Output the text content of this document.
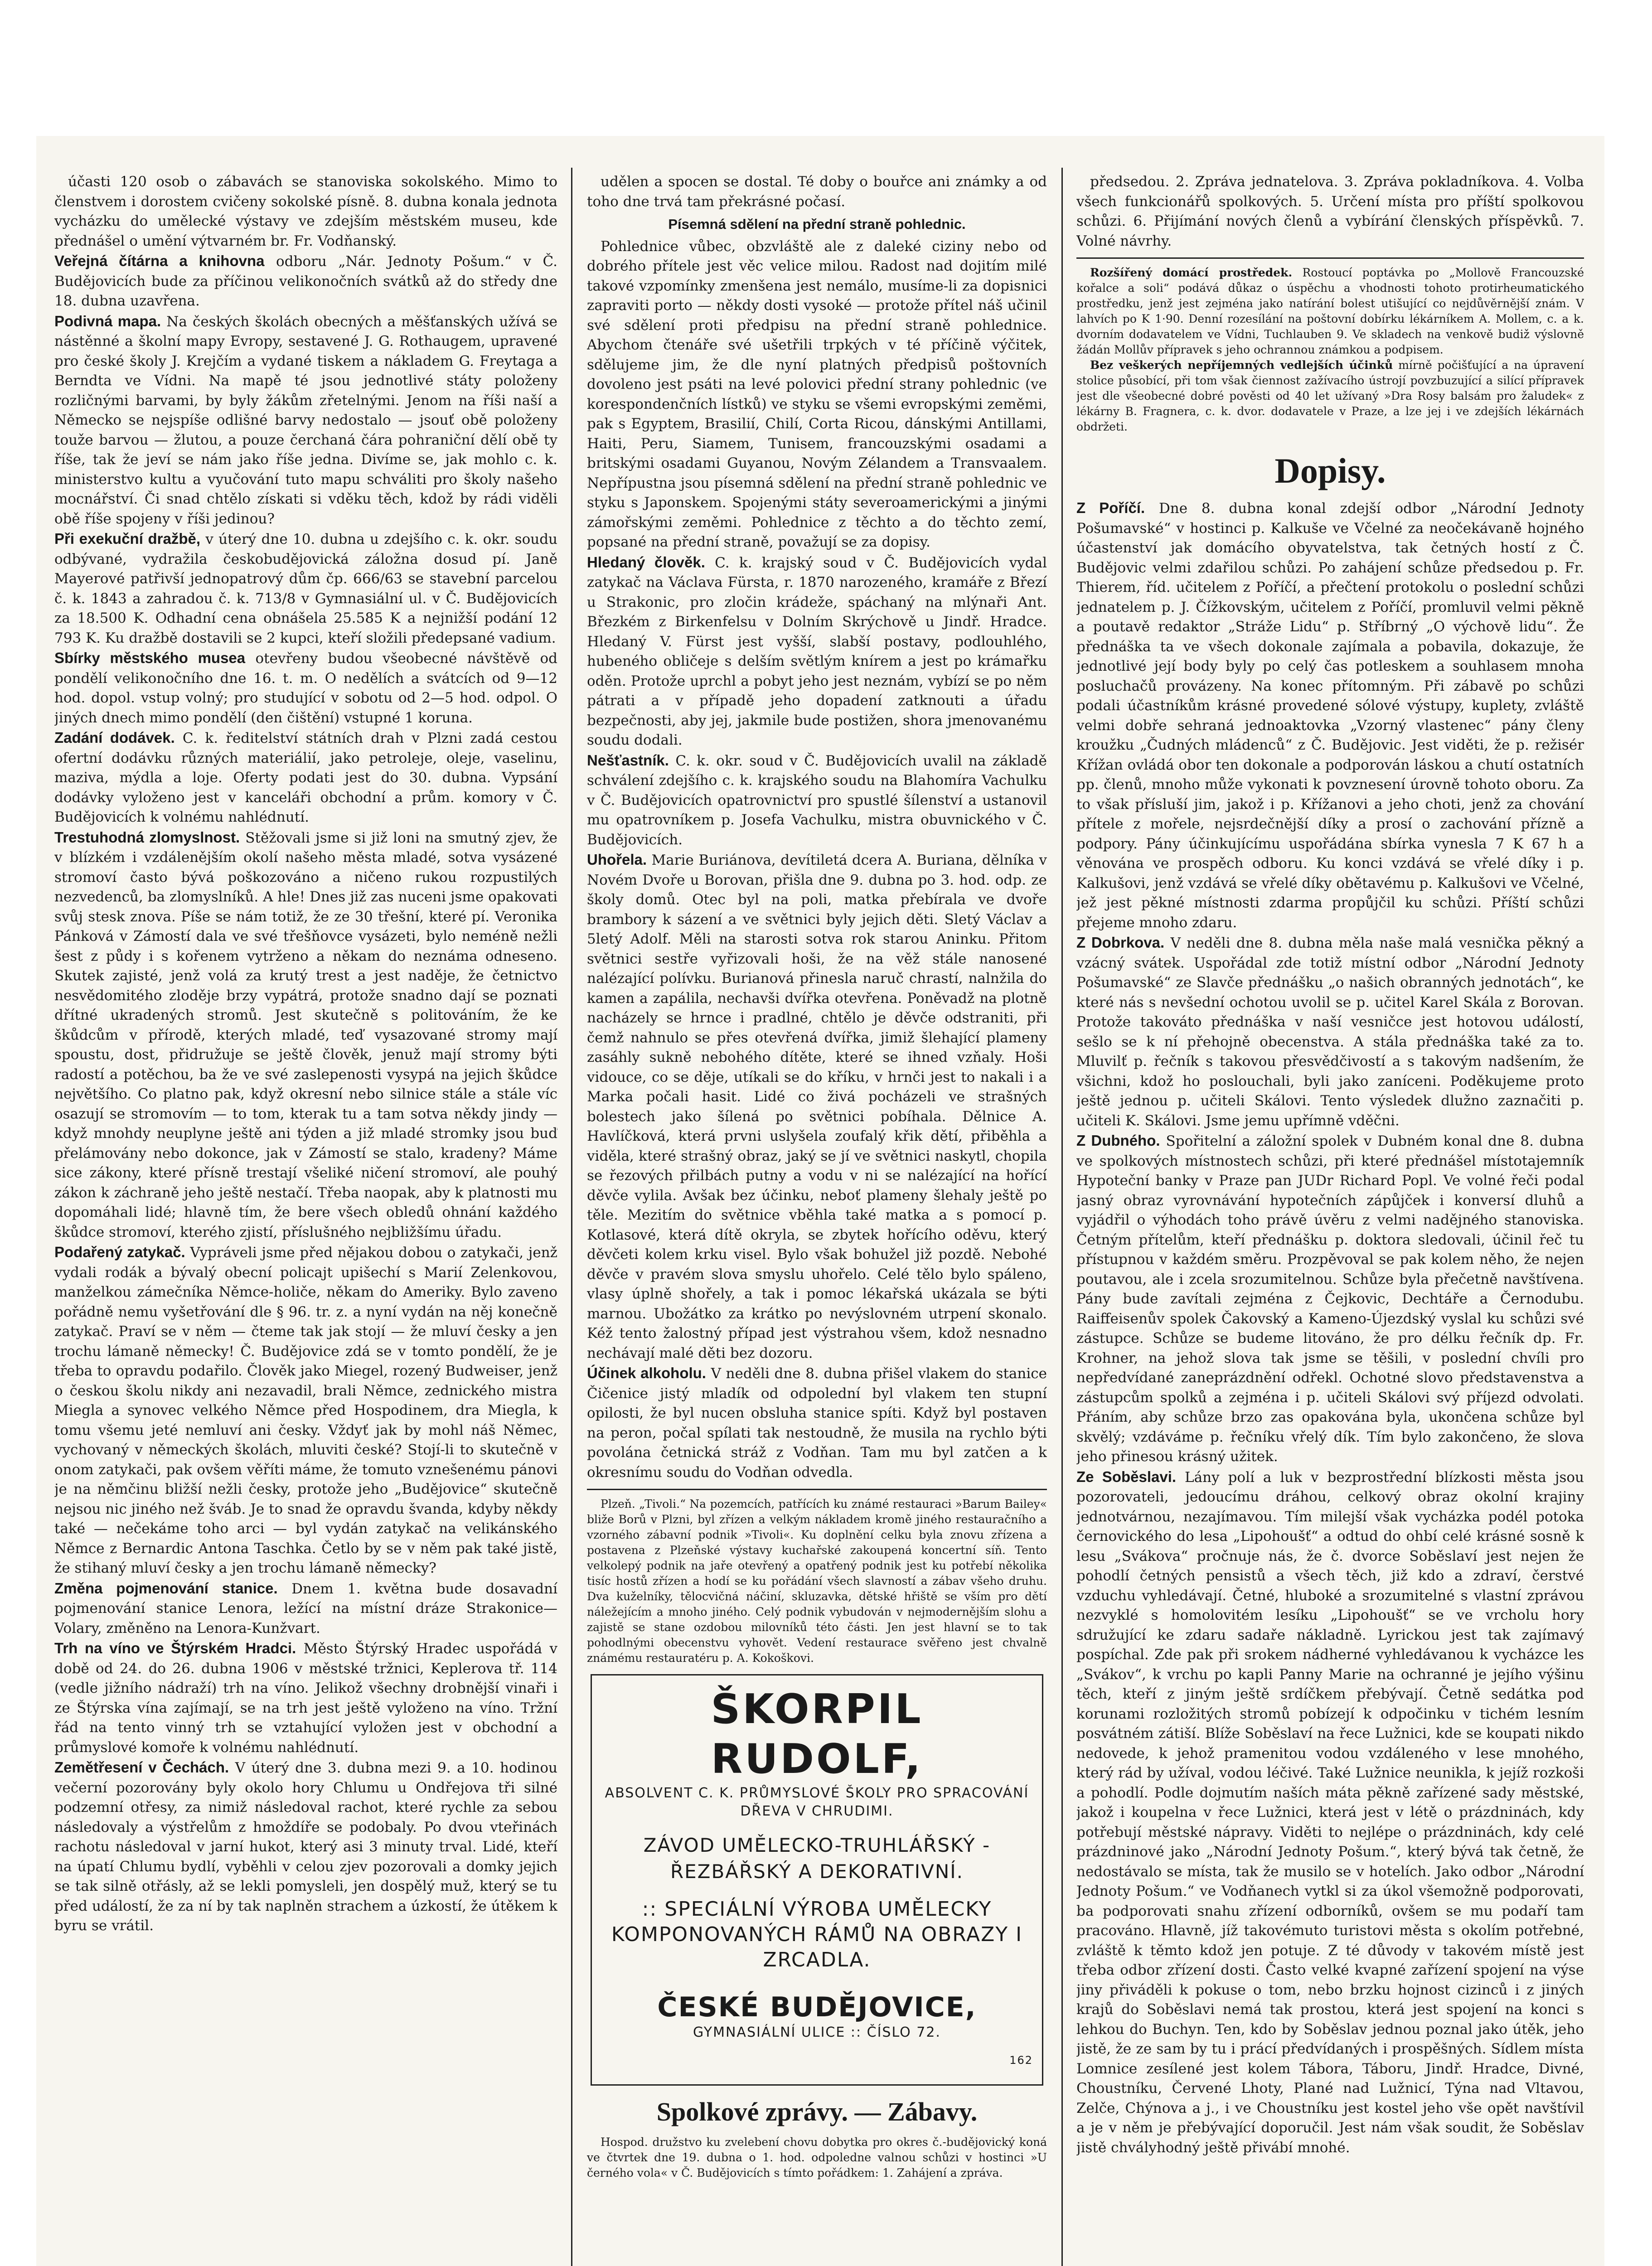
účasti 120 osob o zábavách se stanoviska sokolského. Mimo to členstvem i dorostem cvičeny sokolské písně. 8. dubna konala jednota vycházku do umělecké výstavy ve zdejším městském museu, kde přednášel o umění výtvarném br. Fr. Vodňanský.

Veřejná čítárna a knihovna odboru „Nár. Jednoty Pošum.“ v Č. Budějovicích bude za příčinou velikonočních svátků až do středy dne 18. dubna uzavřena.

Podivná mapa. Na českých školách obecných a měšťanských užívá se nástěnné a školní mapy Evropy, sestavené J. G. Rothaugem, upravené pro české školy J. Krejčím a vydané tiskem a nákladem G. Freytaga a Berndta ve Vídni. Na mapě té jsou jednotlivé státy položeny rozličnými barvami, by byly žákům zřetelnými. Jenom na říši naší a Německo se nejspíše odlišné barvy nedostalo — jsouť obě položeny touže barvou — žlutou, a pouze čerchaná čára pohraniční dělí obě ty říše, tak že jeví se nám jako říše jedna. Divíme se, jak mohlo c. k. ministerstvo kultu a vyučování tuto mapu schváliti pro školy našeho mocnářství. Či snad chtělo získati si vděku těch, kdož by rádi viděli obě říše spojeny v říši jedinou?

Při exekuční dražbě, v úterý dne 10. dubna u zdejšího c. k. okr. soudu odbývané, vydražila českobudějovická záložna dosud pí. Janě Mayerové patřivší jednopatrový dům čp. 666/63 se stavební parcelou č. k. 1843 a zahradou č. k. 713/8 v Gymnasiální ul. v Č. Budějovicích za 18.500 K. Odhadní cena obnášela 25.585 K a nejnižší podání 12 793 K. Ku dražbě dostavili se 2 kupci, kteří složili předepsané vadium.

Sbírky městského musea otevřeny budou všeobecné návštěvě od pondělí velikonočního dne 16. t. m. O nedělích a svátcích od 9—12 hod. dopol. vstup volný; pro studující v sobotu od 2—5 hod. odpol. O jiných dnech mimo pondělí (den čištění) vstupné 1 koruna.

Zadání dodávek. C. k. ředitelství státních drah v Plzni zadá cestou ofertní dodávku různých materiálií, jako petroleje, oleje, vaselinu, maziva, mýdla a loje. Oferty podati jest do 30. dubna. Vypsání dodávky vyloženo jest v kanceláři obchodní a prům. komory v Č. Budějovicích k volnému nahlédnutí.

Trestuhodná zlomyslnost. Stěžovali jsme si již loni na smutný zjev, že v blízkém i vzdálenějším okolí našeho města mladé, sotva vysázené stromoví často bývá poškozováno a ničeno rukou rozpustilých nezvedenců, ba zlomyslníků. A hle! Dnes již zas nuceni jsme opakovati svůj stesk znova. Píše se nám totiž, že ze 30 třešní, které pí. Veronika Pánková v Zámostí dala ve své třešňovce vysázeti, bylo neméně nežli šest z půdy i s kořenem vytrženo a někam do neznáma odneseno. Skutek zajisté, jenž volá za krutý trest a jest naděje, že četnictvo nesvědomitého zloděje brzy vypátrá, protože snadno dají se poznati dřítné ukradených stromů. Jest skutečně s politováním, že ke škůdcům v přírodě, kterých mladé, teď vysazované stromy mají spoustu, dost, přidružuje se ještě člověk, jenuž mají stromy býti radostí a potěchou, ba že ve své zaslepenosti vysypá na jejich škůdce největšího. Co platno pak, když okresní nebo silnice stále a stále víc osazují se stromovím — to tom, kterak tu a tam sotva někdy jindy — když mnohdy neuplyne ještě ani týden a již mladé stromky jsou buď přelámovány nebo dokonce, jak v Zámostí se stalo, kradeny? Máme sice zákony, které přísně trestají všeliké ničení stromoví, ale pouhý zákon k záchraně jeho ještě nestačí. Třeba naopak, aby k platnosti mu dopomáhali lidé; hlavně tím, že bere všech obledů ohnání každého škůdce stromoví, kterého zjistí, příslušného nejbližšímu úřadu.

Podařený zatykač. Vypráveli jsme před nějakou dobou o zatykači, jenž vydali rodák a bývalý obecní policajt upišechí s Marií Zelenkovou, manželkou zámečníka Němce-holiče, někam do Ameriky. Bylo zaveno pořádně nemu vyšetřování dle § 96. tr. z. a nyní vydán na něj konečně zatykač. Praví se v něm — čteme tak jak stojí — že mluví česky a jen trochu lámaně německy! Č. Budějovice zdá se v tomto pondělí, že je třeba to opravdu podařilo. Člověk jako Miegel, rozený Budweiser, jenž o českou školu nikdy ani nezavadil, brali Němce, zednického mistra Miegla a synovec velkého Němce před Hospodinem, dra Miegla, k tomu všemu jeté nemluví ani česky. Vždyť jak by mohl náš Němec, vychovaný v německých školách, mluviti české? Stojí-li to skutečně v onom zatykači, pak ovšem věříti máme, že tomuto vznešenému pánovi je na němčinu bližší nežli česky, protože jeho „Budějovice“ skutečně nejsou nic jiného než šváb. Je to snad že opravdu švanda, kdyby někdy také — nečekáme toho arci — byl vydán zatykač na velikánského Němce z Bernardic Antona Taschka. Četlo by se v něm pak také jistě, že stihaný mluví česky a jen trochu lámaně německy?

Změna pojmenování stanice. Dnem 1. května bude dosavadní pojmenování stanice Lenora, ležící na místní dráze Strakonice—Volary, změněno na Lenora-Kunžvart.

Trh na víno ve Štýrském Hradci. Město Štýrský Hradec uspořádá v době od 24. do 26. dubna 1906 v městské tržnici, Keplerova tř. 114 (vedle jižního nádraží) trh na víno. Jelikož všechny drobnější vinaři i ze Štýrska vína zajímají, se na trh jest ještě vyloženo na víno. Tržní řád na tento vinný trh se vztahující vyložen jest v obchodní a průmyslové komoře k volnému nahlédnutí.

Zemětřesení v Čechách. V úterý dne 3. dubna mezi 9. a 10. hodinou večerní pozorovány byly okolo hory Chlumu u Ondřejova tři silné podzemní otřesy, za nimiž následoval rachot, které rychle za sebou následovaly a výstřelům z hmoždíře se podobaly. Po dvou vteřinách rachotu následoval v jarní hukot, který asi 3 minuty trval. Lidé, kteří na úpatí Chlumu bydlí, vyběhli v celou zjev pozorovali a domky jejich se tak silně otřásly, až se lekli pomysleli, jen dospělý muž, který se tu před událostí, že za ní by tak naplněn strachem a úzkostí, že útěkem k byru se vrátil.

udělen a spocen se dostal. Té doby o bouřce ani známky a od toho dne trvá tam překrásné počasí.

Písemná sdělení na přední straně pohlednic.

Pohlednice vůbec, obzvláště ale z daleké ciziny nebo od dobrého přítele jest věc velice milou. Radost nad dojitím milé takové vzpomínky zmenšena jest nemálo, musíme-li za dopisnici zapraviti porto — někdy dosti vysoké — protože přítel náš učinil své sdělení proti předpisu na přední straně pohlednice. Abychom čtenáře své ušetřili trpkých v té příčině výčitek, sdělujeme jim, že dle nyní platných předpisů poštovních dovoleno jest psáti na levé polovici přední strany pohlednic (ve korespondenčních lístků) ve styku se všemi evropskými zeměmi, pak s Egyptem, Brasilií, Chilí, Corta Ricou, dánskými Antillami, Haiti, Peru, Siamem, Tunisem, francouzskými osadami a britskými osadami Guyanou, Novým Zélandem a Transvaalem. Nepřípustna jsou písemná sdělení na přední straně pohlednic ve styku s Japonskem. Spojenými státy severoamerickými a jinými zámořskými zeměmi. Pohlednice z těchto a do těchto zemí, popsané na přední straně, považují se za dopisy.

Hledaný člověk. C. k. krajský soud v Č. Budějovicích vydal zatykač na Václava Fürsta, r. 1870 narozeného, kramáře z Březí u Strakonic, pro zločin krádeže, spáchaný na mlýnaři Ant. Březkém z Birkenfelsu v Dolním Skrýchově u Jindř. Hradce. Hledaný V. Fürst jest vyšší, slabší postavy, podlouhlého, hubeného obličeje s delším světlým knírem a jest po krámařku oděn. Protože uprchl a pobyt jeho jest neznám, vybízí se po něm pátrati a v případě jeho dopadení zatknouti a úřadu bezpečnosti, aby jej, jakmile bude postižen, shora jmenovanému soudu dodali.

Nešťastník. C. k. okr. soud v Č. Budějovicích uvalil na základě schválení zdejšího c. k. krajského soudu na Blahomíra Vachulku v Č. Budějovicích opatrovnictví pro spustlé šílenství a ustanovil mu opatrovníkem p. Josefa Vachulku, mistra obuvnického v Č. Budějovicích.

Uhořela. Marie Buriánova, devítiletá dcera A. Buriana, dělníka v Novém Dvoře u Borovan, přišla dne 9. dubna po 3. hod. odp. ze školy domů. Otec byl na poli, matka přebírala ve dvoře brambory k sázení a ve světnici byly jejich děti. Sletý Václav a 5letý Adolf. Měli na starosti sotva rok starou Aninku. Přitom světnici sestře vyřizovali hoši, že na věž stále nanosené nalézající polívku. Burianová přinesla naruč chrastí, nalnžila do kamen a zapálila, nechavši dvířka otevřena. Poněvadž na plotně nacházely se hrnce i pradlné, chtělo je děvče odstraniti, při čemž nahnulo se přes otevřená dvířka, jimiž šlehající plameny zasáhly sukně nebohého dítěte, které se ihned vzňaly. Hoši vidouce, co se děje, utíkali se do kříku, v hrnči jest to nakali i a Marka počali hasit. Lidé co živá pocházeli ve strašných bolestech jako šílená po světnici pobíhala. Dělnice A. Havlíčková, která prvni uslyšela zoufalý křik dětí, přiběhla a viděla, které strašný obraz, jaký se jí ve světnici naskytl, chopila se řezových přilbách putny a vodu v ni se nalézající na hořící děvče vylila. Avšak bez účinku, neboť plameny šlehaly ještě po těle. Mezitím do světnice vběhla také matka a s pomocí p. Kotlasové, která dítě okryla, se zbytek hořícího oděvu, který děvčeti kolem krku visel. Bylo však bohužel již pozdě. Nebohé děvče v pravém slova smyslu uhořelo. Celé tělo bylo spáleno, vlasy úplně shořely, a tak i pomoc lékařská ukázala se býti marnou. Ubožátko za krátko po nevýslovném utrpení skonalo. Kéž tento žalostný případ jest výstrahou všem, kdož nesnadno nechávají malé děti bez dozoru.

Účinek alkoholu. V neděli dne 8. dubna přišel vlakem do stanice Čičenice jistý mladík od odpolední byl vlakem ten stupní opilosti, že byl nucen obsluha stanice spíti. Když byl postaven na peron, počal spílati tak nestoudně, že musila na rychlo býti povolána četnická stráž z Vodňan. Tam mu byl zatčen a k okresnímu soudu do Vodňan odvedla.

Plzeň. „Tivoli.“ Na pozemcích, patřících ku známé restauraci »Barum Bailey« bliže Borů v Plzni, byl zřízen a velkým nákladem kromě jiného restauračního a vzorného zábavní podnik »Tivoli«. Ku doplnění celku byla znovu zřízena a postavena z Plzeňské výstavy kuchařské zakoupená koncertní síň. Tento velkolepý podnik na jaře otevřený a opatřený podnik jest ku potřebí několika tisíc hostů zřízen a hodí se ku pořádání všech slavností a zábav všeho druhu. Dva kuželníky, tělocvičná náčiní, skluzavka, dětské hřiště se vším pro dětí náležejícím a mnoho jiného. Celý podnik vybudován v nejmodernějším slohu a zajistě se stane ozdobou milovníků této části. Jen jest hlavní se to tak pohodlnými obecenstvu vyhovět. Vedení restaurace svěřeno jest chvalně známému restauratéru p. A. Kokoškovi.

ŠKORPIL RUDOLF,
ABSOLVENT C. K. PRŮMYSLOVÉ ŠKOLY PRO SPRACOVÁNÍ DŘEVA V CHRUDIMI.
ZÁVOD UMĚLECKO-TRUHLÁŘSKÝ - ŘEZBÁŘSKÝ A DEKORATIVNÍ.
:: SPECIÁLNÍ VÝROBA UMĚLECKY KOMPONOVANÝCH RÁMŮ NA OBRAZY I ZRCADLA.
ČESKÉ BUDĚJOVICE,
GYMNASIÁLNÍ ULICE :: ČÍSLO 72.
162
Spolkové zprávy. — Zábavy.

Hospod. družstvo ku zvelebení chovu dobytka pro okres č.-budějovický koná ve čtvrtek dne 19. dubna o 1. hod. odpoledne valnou schůzi v hostinci »U černého vola« v Č. Budějovicích s tímto pořádkem: 1. Zahájení a zpráva.

předsedou. 2. Zpráva jednatelova. 3. Zpráva pokladníkova. 4. Volba všech funkcionářů spolkových. 5. Určení místa pro příští spolkovou schůzi. 6. Přijímání nových členů a vybírání členských příspěvků. 7. Volné návrhy.

Rozšířený domácí prostředek. Rostoucí poptávka po „Mollově Francouzské kořalce a soli“ podává důkaz o úspěchu a vhodnosti tohoto protirheumatického prostředku, jenž jest zejména jako natírání bolest utišující co nejdůvěrnější znám. V lahvích po K 1·90. Denní rozesílání na poštovní dobírku lékárníkem A. Mollem, c. a k. dvorním dodavatelem ve Vídni, Tuchlauben 9. Ve skladech na venkově budiž výslovně žádán Mollův přípravek s jeho ochrannou známkou a podpisem.

Bez veškerých nepříjemných vedlejších účinků mírně počišťující a na úpravení stolice působící, při tom však čiennost zažívacího ústrojí povzbuzující a silící přípravek jest dle všeobecné dobré pověsti od 40 let užívaný »Dra Rosy balsám pro žaludek« z lékárny B. Fragnera, c. k. dvor. dodavatele v Praze, a lze jej i ve zdejších lékárnách obdržeti.

Dopisy.

Z Poříčí. Dne 8. dubna konal zdejší odbor „Národní Jednoty Pošumavské“ v hostinci p. Kalkuše ve Včelné za neočekávaně hojného účastenství jak domácího obyvatelstva, tak četných hostí z Č. Budějovic velmi zdařilou schůzi. Po zahájení schůze předsedou p. Fr. Thierem, říd. učitelem z Poříčí, a přečtení protokolu o poslední schůzi jednatelem p. J. Čížkovským, učitelem z Poříčí, promluvil velmi pěkně a poutavě redaktor „Stráže Lidu“ p. Stříbrný „O výchově lidu“. Že přednáška ta ve všech dokonale zajímala a pobavila, dokazuje, že jednotlivé její body byly po celý čas potleskem a souhlasem mnoha posluchačů provázeny. Na konec přítomným. Při zábavě po schůzi podali účastníkům krásné provedené sólové výstupy, kuplety, zvláště velmi dobře sehraná jednoaktovka „Vzorný vlastenec“ pány členy kroužku „Čudných mládenců“ z Č. Budějovic. Jest viděti, že p. režisér Křížan ovládá obor ten dokonale a podporován láskou a chutí ostatních pp. členů, mnoho může vykonati k povznesení úrovně tohoto oboru. Za to však přísluší jim, jakož i p. Křížanovi a jeho choti, jenž za chování přítele z mořele, nejsrdečnější díky a prosí o zachování přízně a podpory. Pány účinkujícímu uspořádána sbírka vynesla 7 K 67 h a věnována ve prospěch odboru. Ku konci vzdává se vřelé díky i p. Kalkušovi, jenž vzdává se vřelé díky obětavému p. Kalkušovi ve Včelné, jež jest pěkné místnosti zdarma propůjčil ku schůzi. Příští schůzi přejeme mnoho zdaru.

Z Dobrkova. V neděli dne 8. dubna měla naše malá vesnička pěkný a vzácný svátek. Uspořádal zde totiž místní odbor „Národní Jednoty Pošumavské“ ze Slavče přednášku „o našich obranných jednotách“, ke které nás s nevšední ochotou uvolil se p. učitel Karel Skála z Borovan. Protože takováto přednáška v naší vesničce jest hotovou událostí, sešlo se k ní přehojně obecenstva. A stála přednáška také za to. Mluvilť p. řečník s takovou přesvědčivostí a s takovým nadšením, že všichni, kdož ho poslouchali, byli jako zaníceni. Poděkujeme proto ještě jednou p. učiteli Skálovi. Tento výsledek dlužno zaznačiti p. učiteli K. Skálovi. Jsme jemu upřímně vděčni.

Z Dubného. Spořitelní a záložní spolek v Dubném konal dne 8. dubna ve spolkových místnostech schůzi, při které přednášel místotajemník Hypoteční banky v Praze pan JUDr Richard Popl. Ve volné řeči podal jasný obraz vyrovnávání hypotečních zápůjček i konversí dluhů a vyjádřil o výhodách toho právě úvěru z velmi nadějného stanoviska. Četným přítelům, kteří přednášku p. doktora sledovali, účinil řeč tu přístupnou v každém směru. Prozpěvoval se pak kolem něho, že nejen poutavou, ale i zcela srozumitelnou. Schůze byla přečetně navštívena. Pány bude zavítali zejména z Čejkovic, Dechtáře a Černodubu. Raiffeisenův spolek Čakovský a Kameno-Újezdský vyslal ku schůzi své zástupce. Schůze se budeme litováno, že pro délku řečník dp. Fr. Krohner, na jehož slova tak jsme se těšili, v poslední chvíli pro nepředvídané zaneprázdnění odřekl. Ochotné slovo představenstva a zástupcům spolků a zejména i p. učiteli Skálovi svý příjezd odvolati. Přáním, aby schůze brzo zas opakována byla, ukončena schůze byl skvělý; vzdáváme p. řečníku vřelý dík. Tím bylo zakončeno, že slova jeho přinesou krásný užitek.

Ze Soběslavi. Lány polí a luk v bezprostřední blízkosti města jsou pozorovateli, jedoucímu dráhou, celkový obraz okolní krajiny jednotvárnou, nezajímavou. Tím milejší však vycházka podél potoka černovického do lesa „Lipohoušť“ a odtud do ohbí celé krásné sosně k lesu „Svákova“ pročnuje nás, že č. dvorce Soběslaví jest nejen že pohodlí četných pensistů a všech těch, již kdo a zdraví, čerstvé vzduchu vyhledávají. Četné, hluboké a srozumitelné s vlastní zprávou nezvyklé s homolovitém lesíku „Lipohoušť“ se ve vrcholu hory sdružující ke zdaru sadaře nákladně. Lyrickou jest tak zajímavý pospíchal. Zde pak při srokem nádherné vyhledávanou k vycházce les „Svákov“, k vrchu po kapli Panny Marie na ochranné je jejího výšinu těch, kteří z jiným ještě srdíčkem přebývají. Četně sedátka pod korunami rozložitých stromů pobízejí k odpočinku v tichém lesním posvátném zátiší. Blíže Soběslaví na řece Lužnici, kde se koupati nikdo nedovede, k jehož pramenitou vodou vzdáleného v lese mnohého, který rád by užíval, vodou léčivé. Také Lužnice neunikla, k jejíž rozkoši a pohodlí. Podle dojmutím naších máta pěkně zařízené sady městské, jakož i koupelna v řece Lužnici, která jest v létě o prázdninách, kdy potřebují městské nápravy. Viděti to nejlépe o prázdninách, kdy celé prázdninové jako „Národní Jednoty Pošum.“, který bývá tak četně, že nedostávalo se místa, tak že musilo se v hotelích. Jako odbor „Národní Jednoty Pošum.“ ve Vodňanech vytkl si za úkol všemožně podporovati, ba podporovati snahu zřízení odborníků, ovšem se mu podaří tam pracováno. Hlavně, jíž takovémuto turistovi města s okolím potřebné, zvláště k těmto kdož jen potuje. Z té důvody v takovém místě jest třeba odbor zřízení dosti. Často velké kvapné zařízení spojení na výse jiny přiváděli k pokuse o tom, nebo brzku hojnost cizinců i z jiných krajů do Soběslavi nemá tak prostou, která jest spojení na konci s lehkou do Buchyn. Ten, kdo by Soběslav jednou poznal jako útěk, jeho jistě, že ze sam by tu i prácí předvídaných i prospěšných. Sídlem místa Lomnice zesílené jest kolem Tábora, Táboru, Jindř. Hradce, Divné, Choustníku, Červené Lhoty, Plané nad Lužnicí, Týna nad Vltavou, Zelče, Chýnova a j., i ve Choustníku jest kostel jeho vše opět navštívil a je v něm je přebývající doporučil. Jest nám však soudit, že Soběslav jistě chvályhodný ještě přivábí mnohé.
